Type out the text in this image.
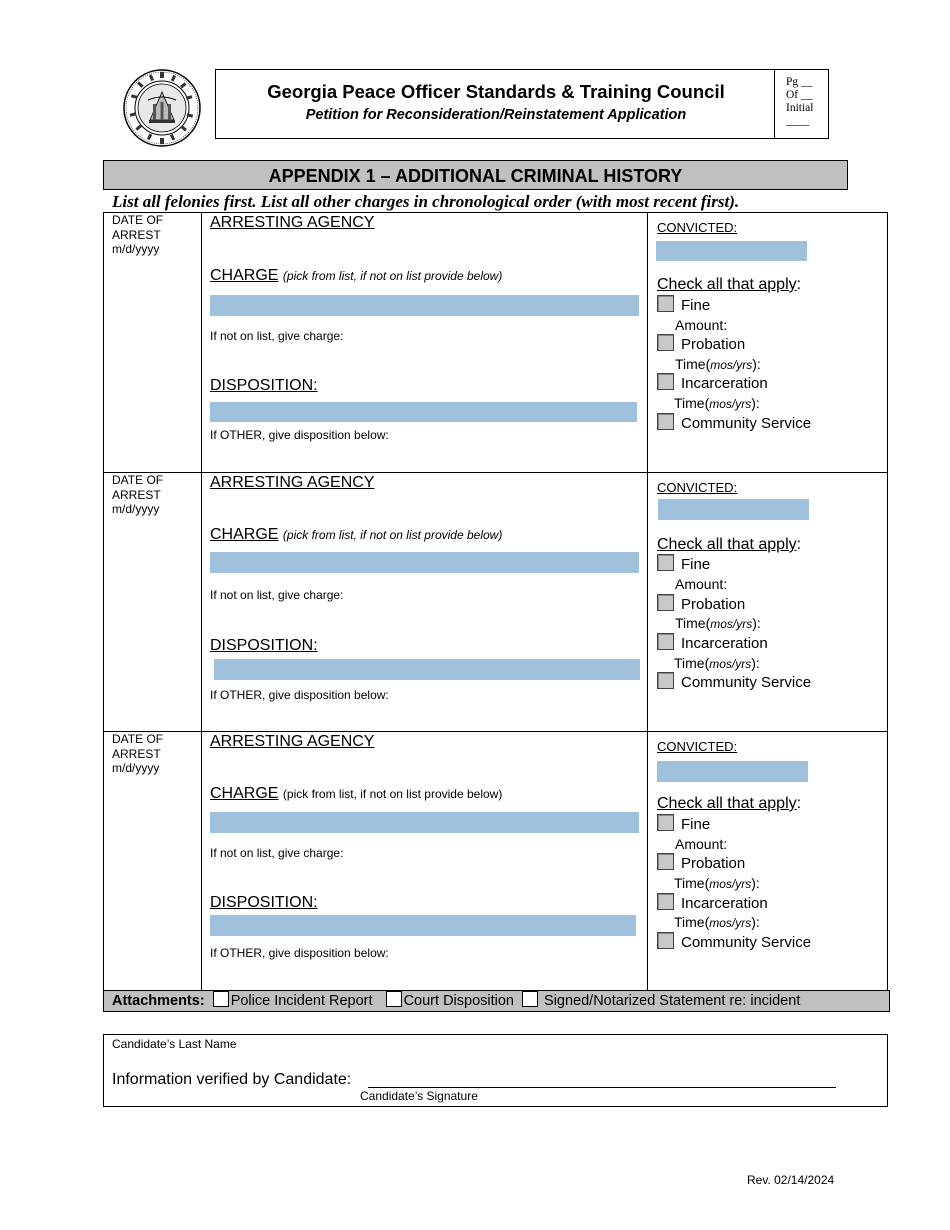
Georgia Peace Officer Standards & Training Council
Petition for Reconsideration/Reinstatement Application
Pg __
Of __
Initial
____
APPENDIX 1 – ADDITIONAL CRIMINAL HISTORY
List all felonies first. List all other charges in chronological order (with most recent first).
DATE OF
ARREST
m/d/yyyy
ARRESTING AGENCY
CHARGE (pick from list, if not on list provide below)
If not on list, give charge:
DISPOSITION:
If OTHER, give disposition below:
CONVICTED:
Check all that apply:
Fine
Amount:
Probation
Time(mos/yrs):
Incarceration
Time(mos/yrs):
Community Service
DATE OF
ARREST
m/d/yyyy
ARRESTING AGENCY
CHARGE (pick from list, if not on list provide below)
If not on list, give charge:
DISPOSITION:
If OTHER, give disposition below:
CONVICTED:
Check all that apply:
Fine
Amount:
Probation
Time(mos/yrs):
Incarceration
Time(mos/yrs):
Community Service
DATE OF
ARREST
m/d/yyyy
ARRESTING AGENCY
CHARGE (pick from list, if not on list provide below)
If not on list, give charge:
DISPOSITION:
If OTHER, give disposition below:
CONVICTED:
Check all that apply:
Fine
Amount:
Probation
Time(mos/yrs):
Incarceration
Time(mos/yrs):
Community Service
Attachments: Police Incident Report Court Disposition Signed/Notarized Statement re: incident
Candidate’s Last Name
Information verified by Candidate:
Candidate’s Signature
Rev. 02/14/2024
